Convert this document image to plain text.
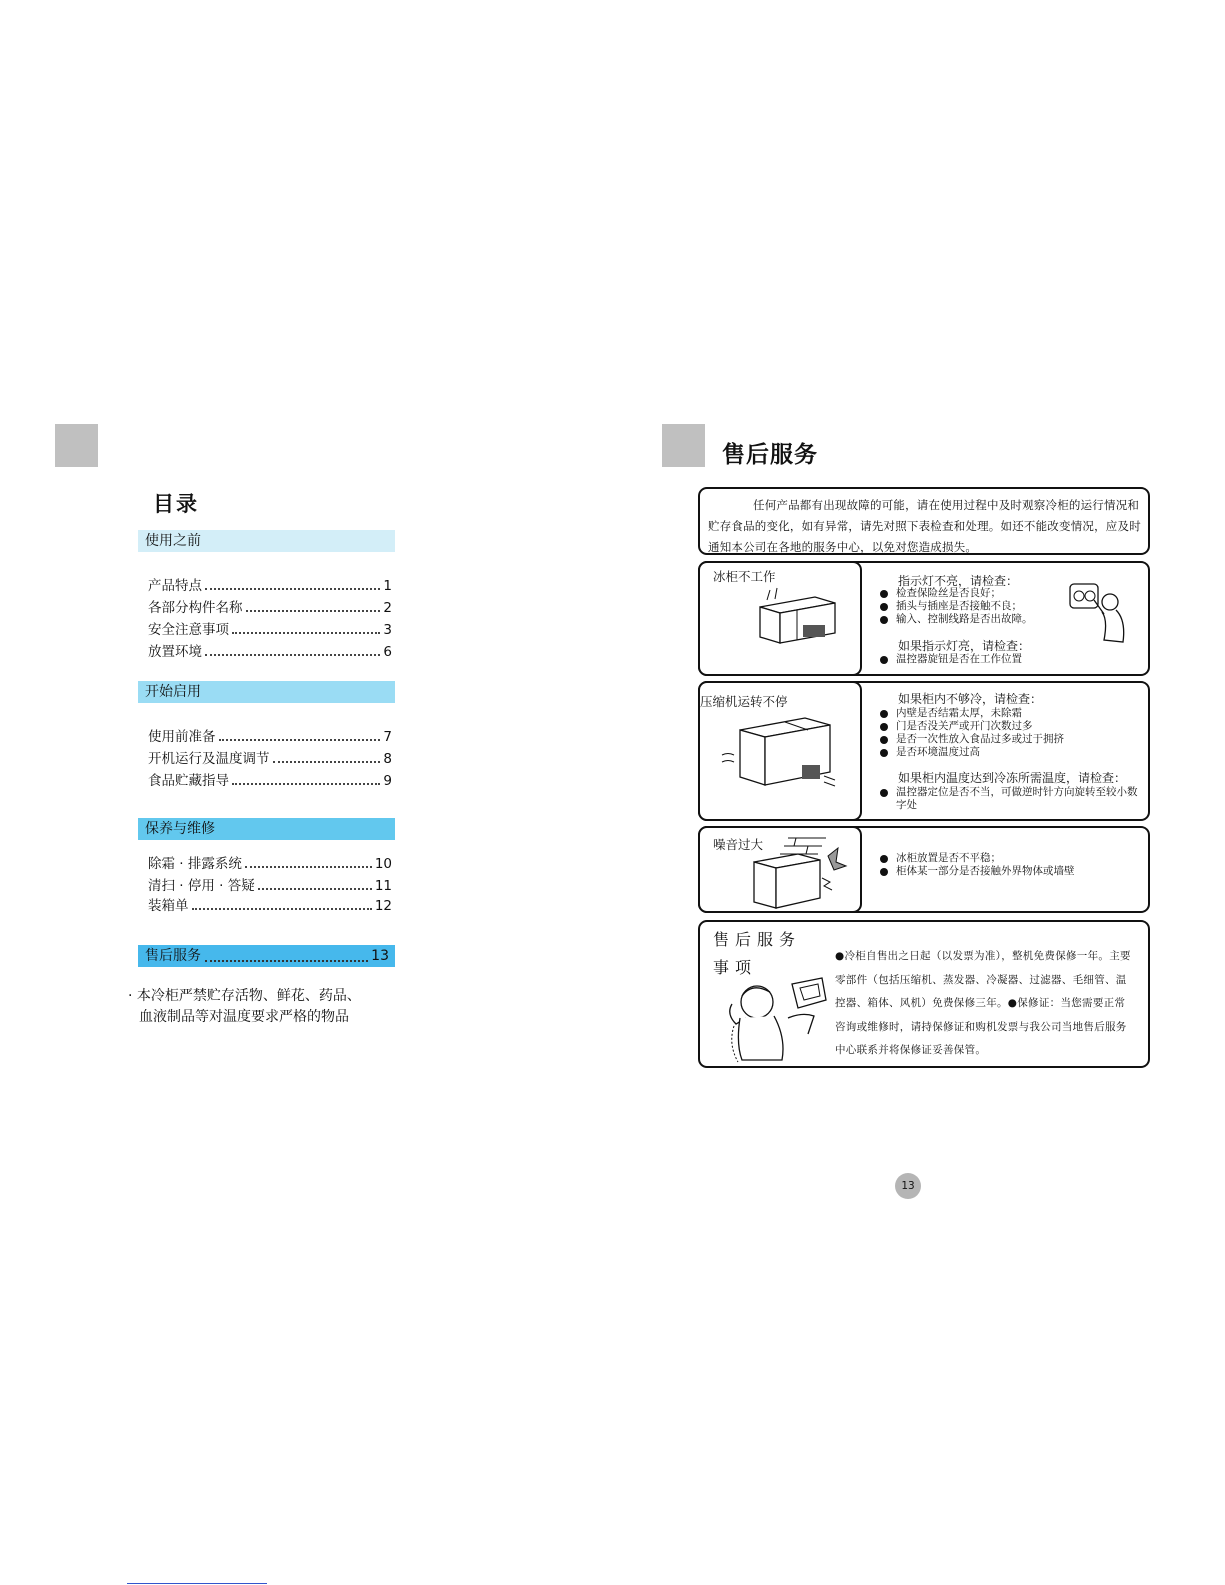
目录
使用之前
产品特点	1
各部分构件名称	2
安全注意事项	3
放置环境	6
开始启用
使用前准备	7
开机运行及温度调节	8
食品贮藏指导	9
保养与维修
除霜 · 排露系统	10
清扫 · 停用 · 答疑	11
装箱单	12
售后服务	13
· 本冷柜严禁贮存活物、鲜花、药品、
血液制品等对温度要求严格的物品
售后服务
任何产品都有出现故障的可能，请在使用过程中及时观察冷柜的运行情况和贮存食品的变化，如有异常，请先对照下表检查和处理。如还不能改变情况，应及时通知本公司在各地的服务中心，以免对您造成损失。
冰柜不工作	指示灯不亮，请检查：
检查保险丝是否良好；
插头与插座是否接触不良；
输入、控制线路是否出故障。
如果指示灯亮，请检查：
温控器旋钮是否在工作位置
压缩机运转不停	如果柜内不够冷，请检查：
内壁是否结霜太厚，未除霜
门是否没关严或开门次数过多
是否一次性放入食品过多或过于拥挤
是否环境温度过高
如果柜内温度达到冷冻所需温度，请检查：
温控器定位是否不当，可做逆时针方向旋转至较小数字处
噪音过大
冰柜放置是否不平稳；
柜体某一部分是否接触外界物体或墙壁
售后服务
事项
●冷柜自售出之日起（以发票为准），整机免费保修一年。主要零部件（包括压缩机、蒸发器、冷凝器、过滤器、毛细管、温控器、箱体、风机）免费保修三年。●保修证：当您需要正常咨询或维修时，请持保修证和购机发票与我公司当地售后服务中心联系并将保修证妥善保管。
13
